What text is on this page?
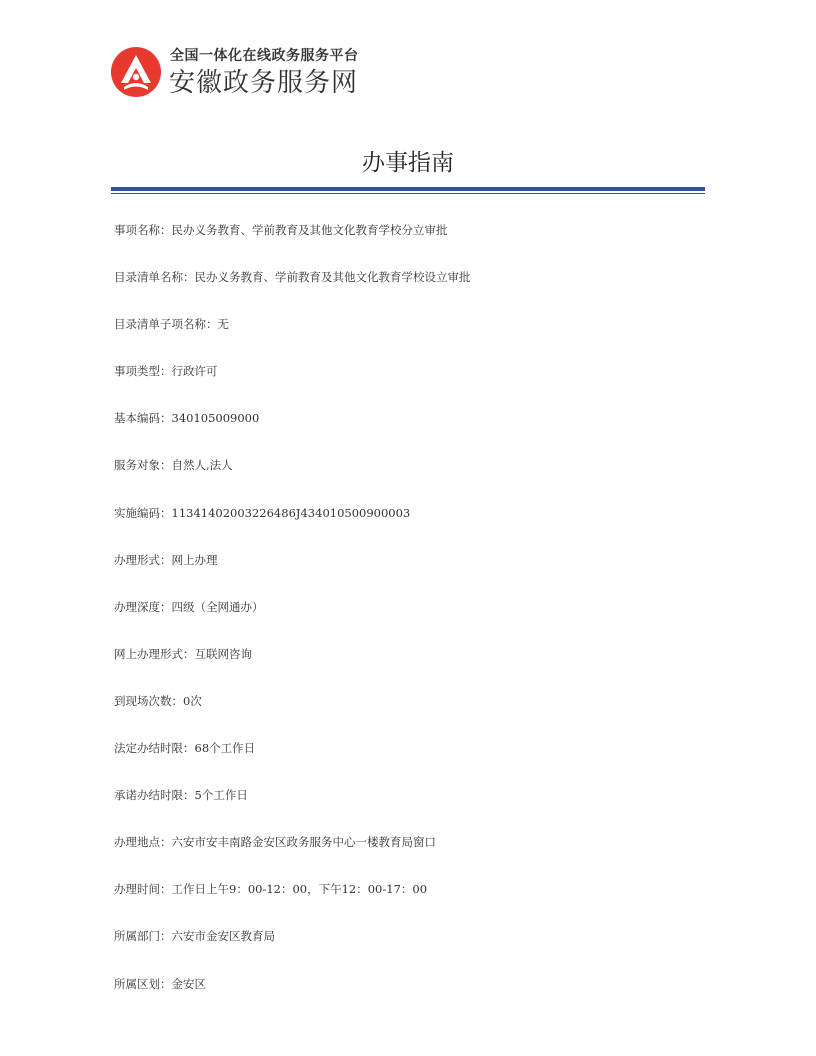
全国一体化在线政务服务平台
安徽政务服务网
办事指南
事项名称：民办义务教育、学前教育及其他文化教育学校分立审批
目录清单名称：民办义务教育、学前教育及其他文化教育学校设立审批
目录清单子项名称：无
事项类型：行政许可
基本编码：340105009000
服务对象：自然人,法人
实施编码：11341402003226486J434010500900003
办理形式：网上办理
办理深度：四级（全网通办）
网上办理形式：互联网咨询
到现场次数：0次
法定办结时限：68个工作日
承诺办结时限：5个工作日
办理地点：六安市安丰南路金安区政务服务中心一楼教育局窗口
办理时间：工作日上午9：00-12：00，下午12：00-17：00
所属部门：六安市金安区教育局
所属区划：金安区
